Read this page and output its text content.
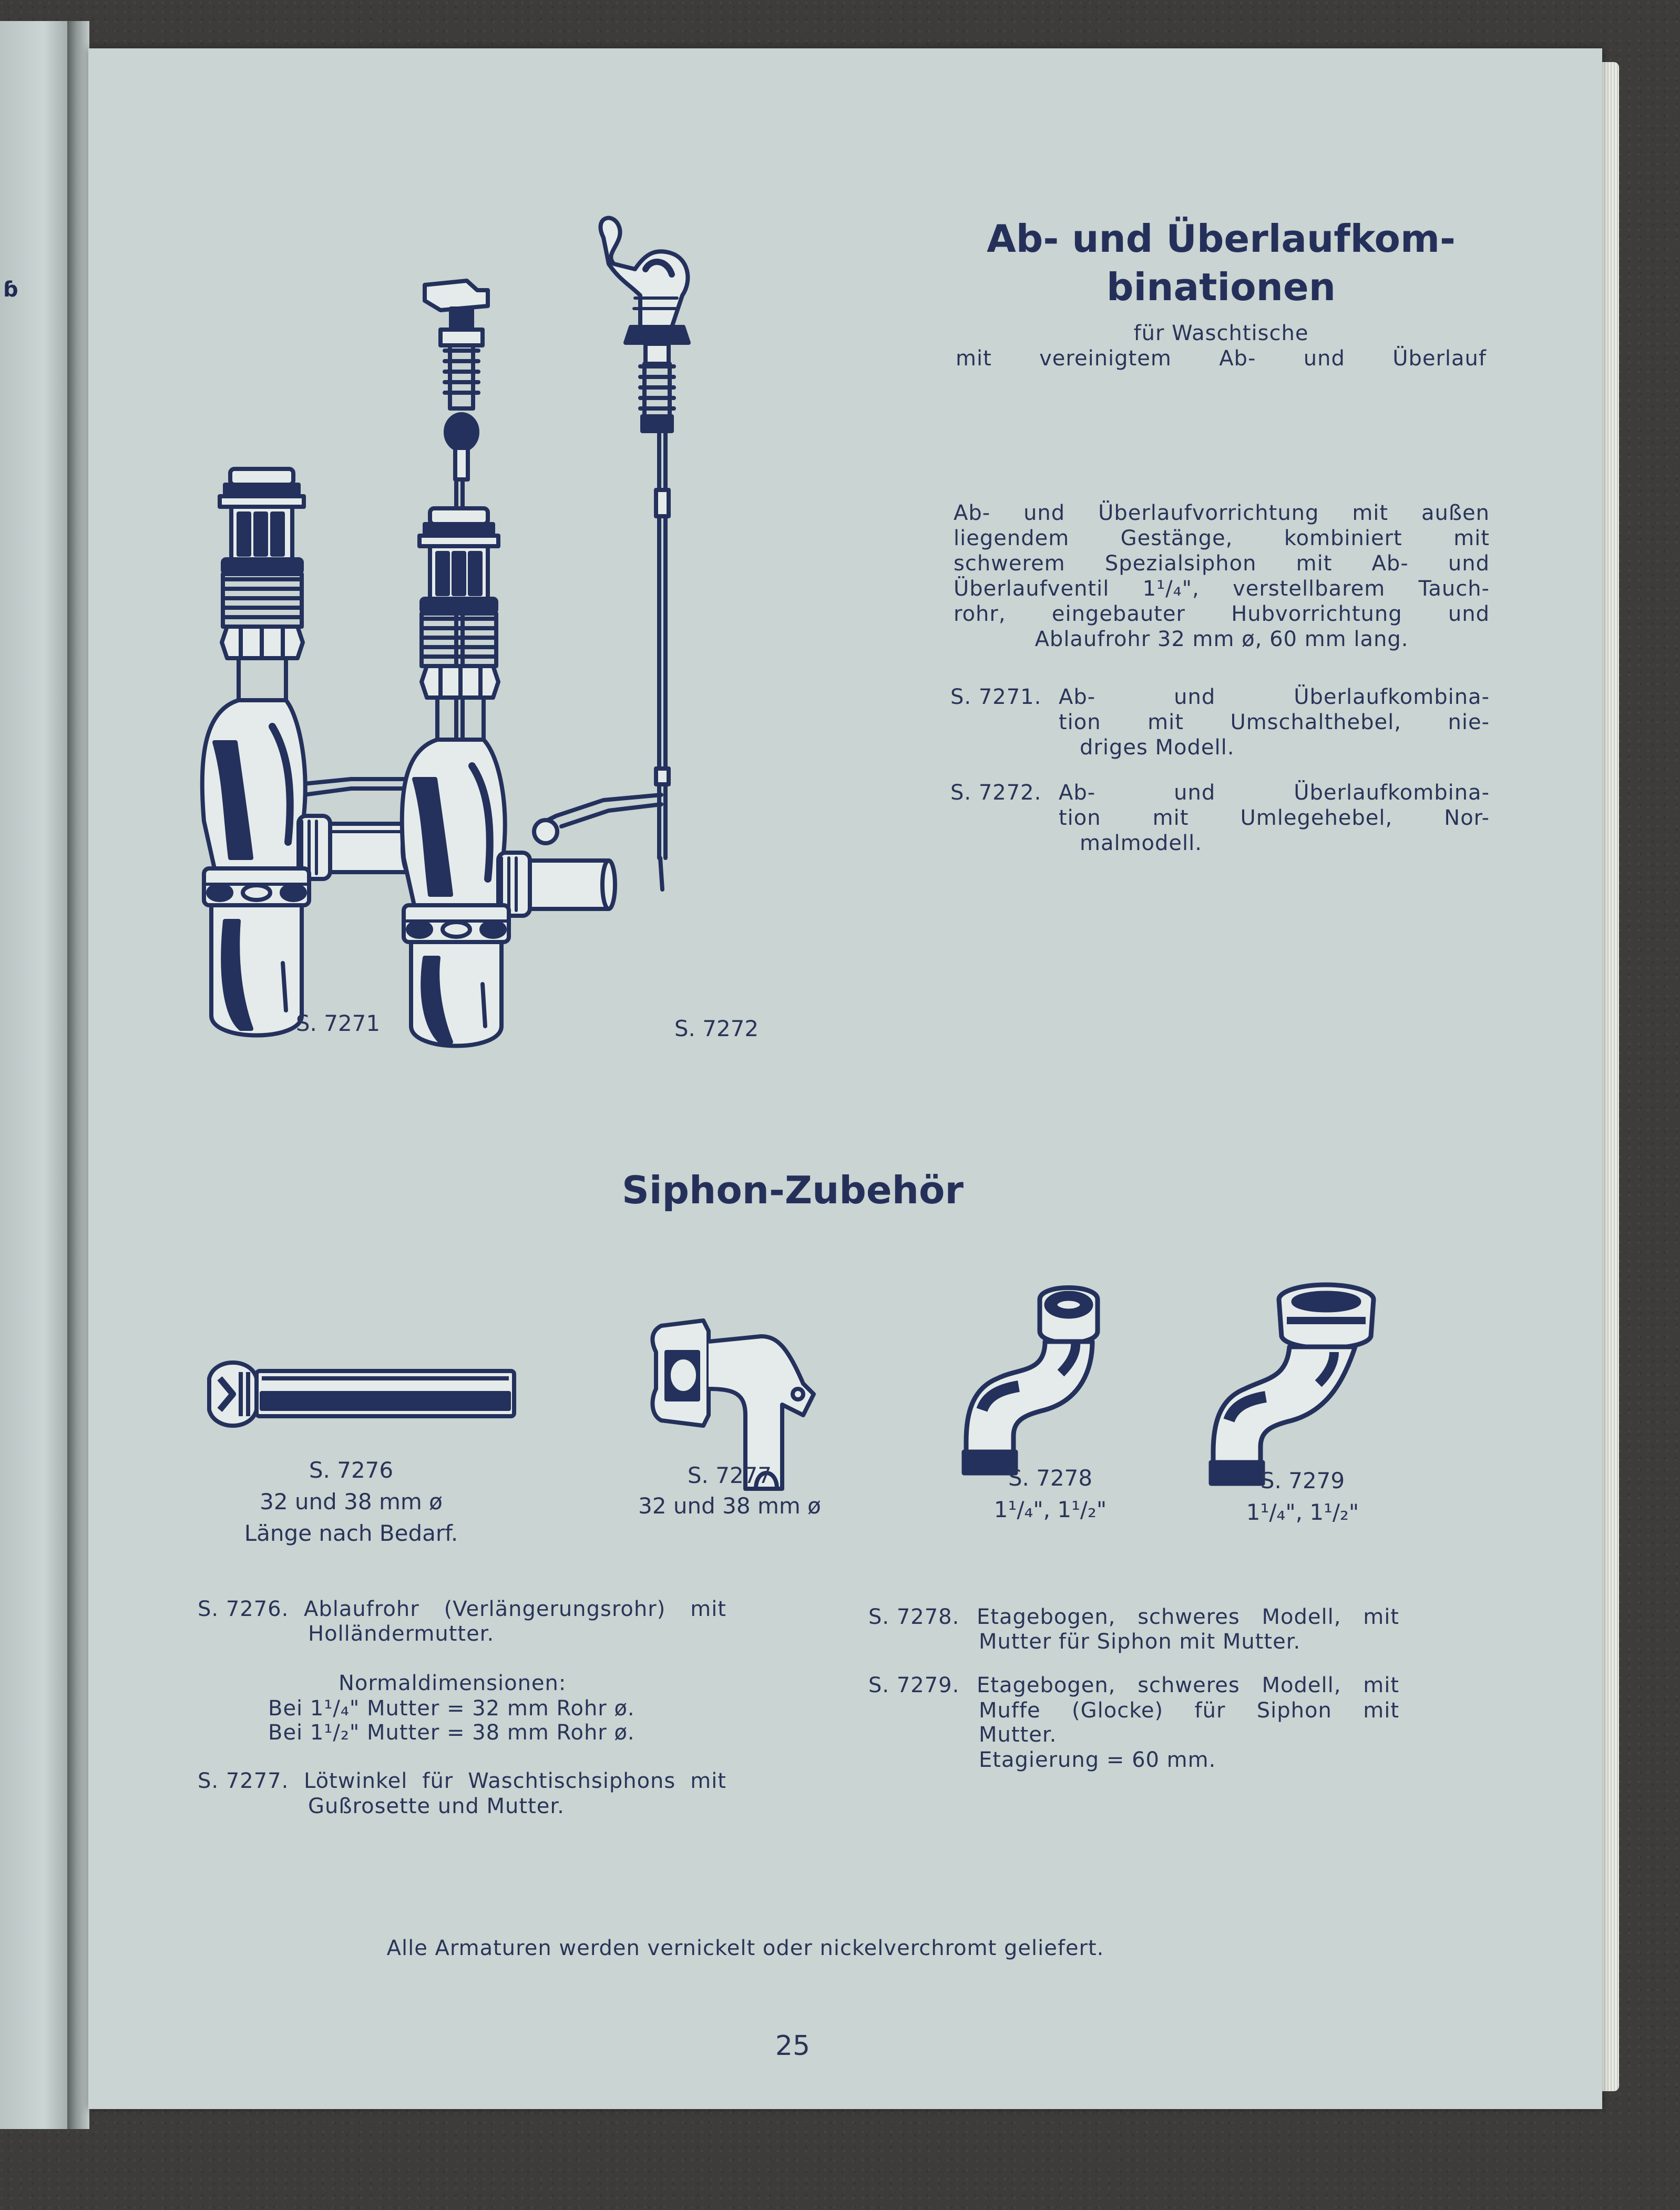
ɓ
S. 7271	S. 7272
Ab- und Überlaufkom-
binationen
für Waschtische
mit vereinigtem Ab- und Überlauf
Ab- und Überlaufvorrichtung mit außen
liegendem Gestänge, kombiniert mit
schwerem Spezialsiphon mit Ab- und
Überlaufventil 1¹/₄", verstellbarem Tauch-
rohr, eingebauter Hubvorrichtung und
Ablaufrohr 32 mm ø, 60 mm lang.
S. 7271. Ab- und Überlaufkombina-
tion mit Umschalthebel, nie-
driges Modell.
S. 7272. Ab- und Überlaufkombina-
tion mit Umlegehebel, Nor-
malmodell.
Siphon-Zubehör
S. 7276
32 und 38 mm ø
Länge nach Bedarf.
S. 7277
32 und 38 mm ø
S. 7278
1¹/₄", 1¹/₂"
S. 7279
1¹/₄", 1¹/₂"
S. 7276. Ablaufrohr (Verlängerungsrohr) mit
Holländermutter.
Normaldimensionen:
Bei 1¹/₄" Mutter = 32 mm Rohr ø.
Bei 1¹/₂" Mutter = 38 mm Rohr ø.
S. 7277. Lötwinkel für Waschtischsiphons mit
Gußrosette und Mutter.
S. 7278. Etagebogen, schweres Modell, mit
Mutter für Siphon mit Mutter.
S. 7279. Etagebogen, schweres Modell, mit
Muffe (Glocke) für Siphon mit
Mutter.
Etagierung = 60 mm.
Alle Armaturen werden vernickelt oder nickelverchromt geliefert.
25
